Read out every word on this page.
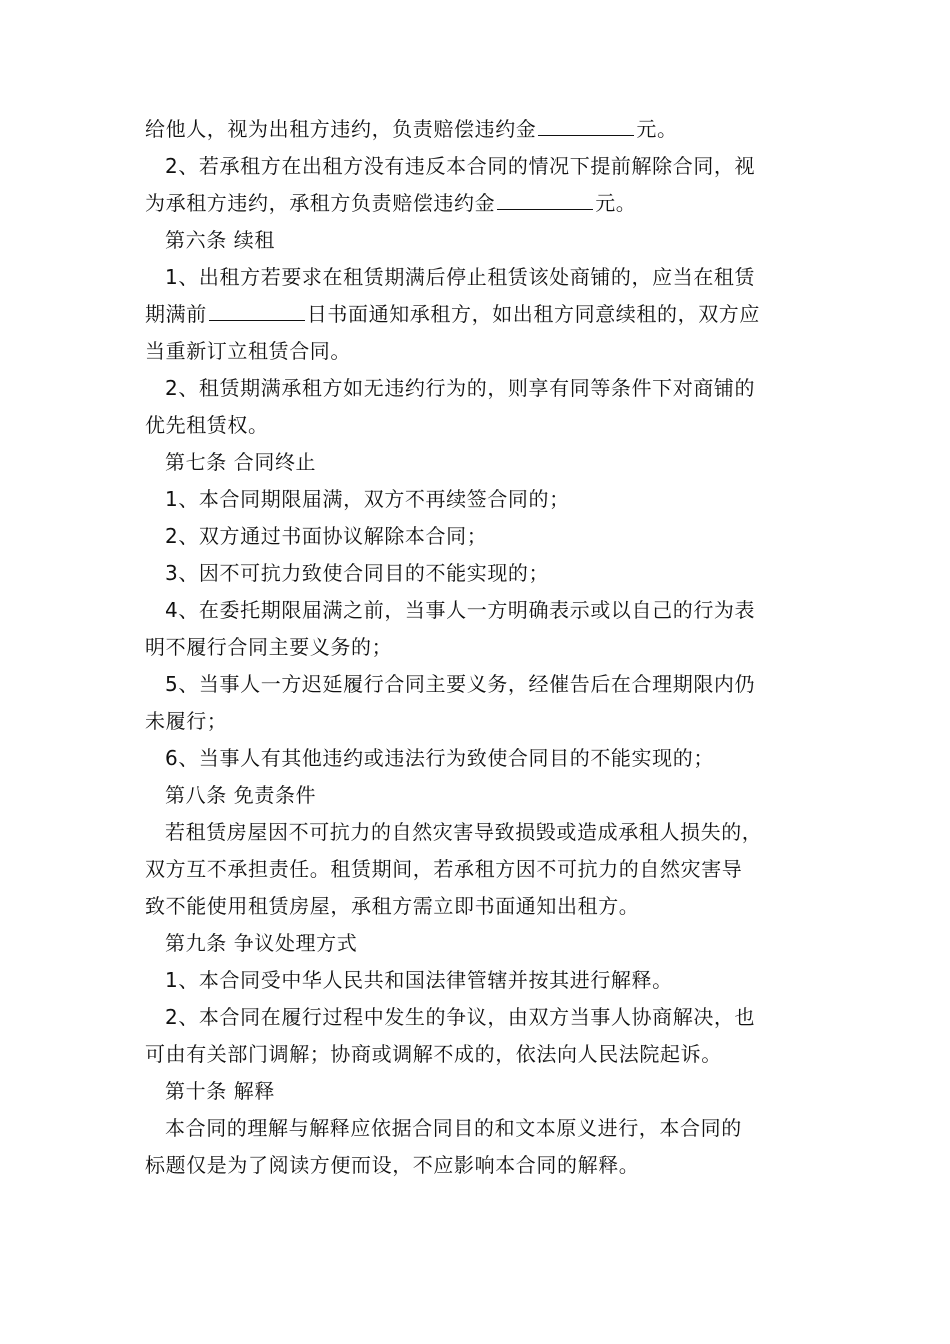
给他人，视为出租方违约，负责赔偿违约金	元。
2、若承租方在出租方没有违反本合同的情况下提前解除合同，视
为承租方违约，承租方负责赔偿违约金	元。
第六条 续租
1、出租方若要求在租赁期满后停止租赁该处商铺的，应当在租赁
期满前	日书面通知承租方，如出租方同意续租的，双方应
当重新订立租赁合同。
2、租赁期满承租方如无违约行为的，则享有同等条件下对商铺的
优先租赁权。
第七条 合同终止
1、本合同期限届满，双方不再续签合同的；
2、双方通过书面协议解除本合同；
3、因不可抗力致使合同目的不能实现的；
4、在委托期限届满之前，当事人一方明确表示或以自己的行为表
明不履行合同主要义务的；
5、当事人一方迟延履行合同主要义务，经催告后在合理期限内仍
未履行；
6、当事人有其他违约或违法行为致使合同目的不能实现的；
第八条 免责条件
若租赁房屋因不可抗力的自然灾害导致损毁或造成承租人损失的，
双方互不承担责任。租赁期间，若承租方因不可抗力的自然灾害导
致不能使用租赁房屋，承租方需立即书面通知出租方。
第九条 争议处理方式
1、本合同受中华人民共和国法律管辖并按其进行解释。
2、本合同在履行过程中发生的争议，由双方当事人协商解决，也
可由有关部门调解；协商或调解不成的，依法向人民法院起诉。
第十条 解释
本合同的理解与解释应依据合同目的和文本原义进行，本合同的
标题仅是为了阅读方便而设，不应影响本合同的解释。
